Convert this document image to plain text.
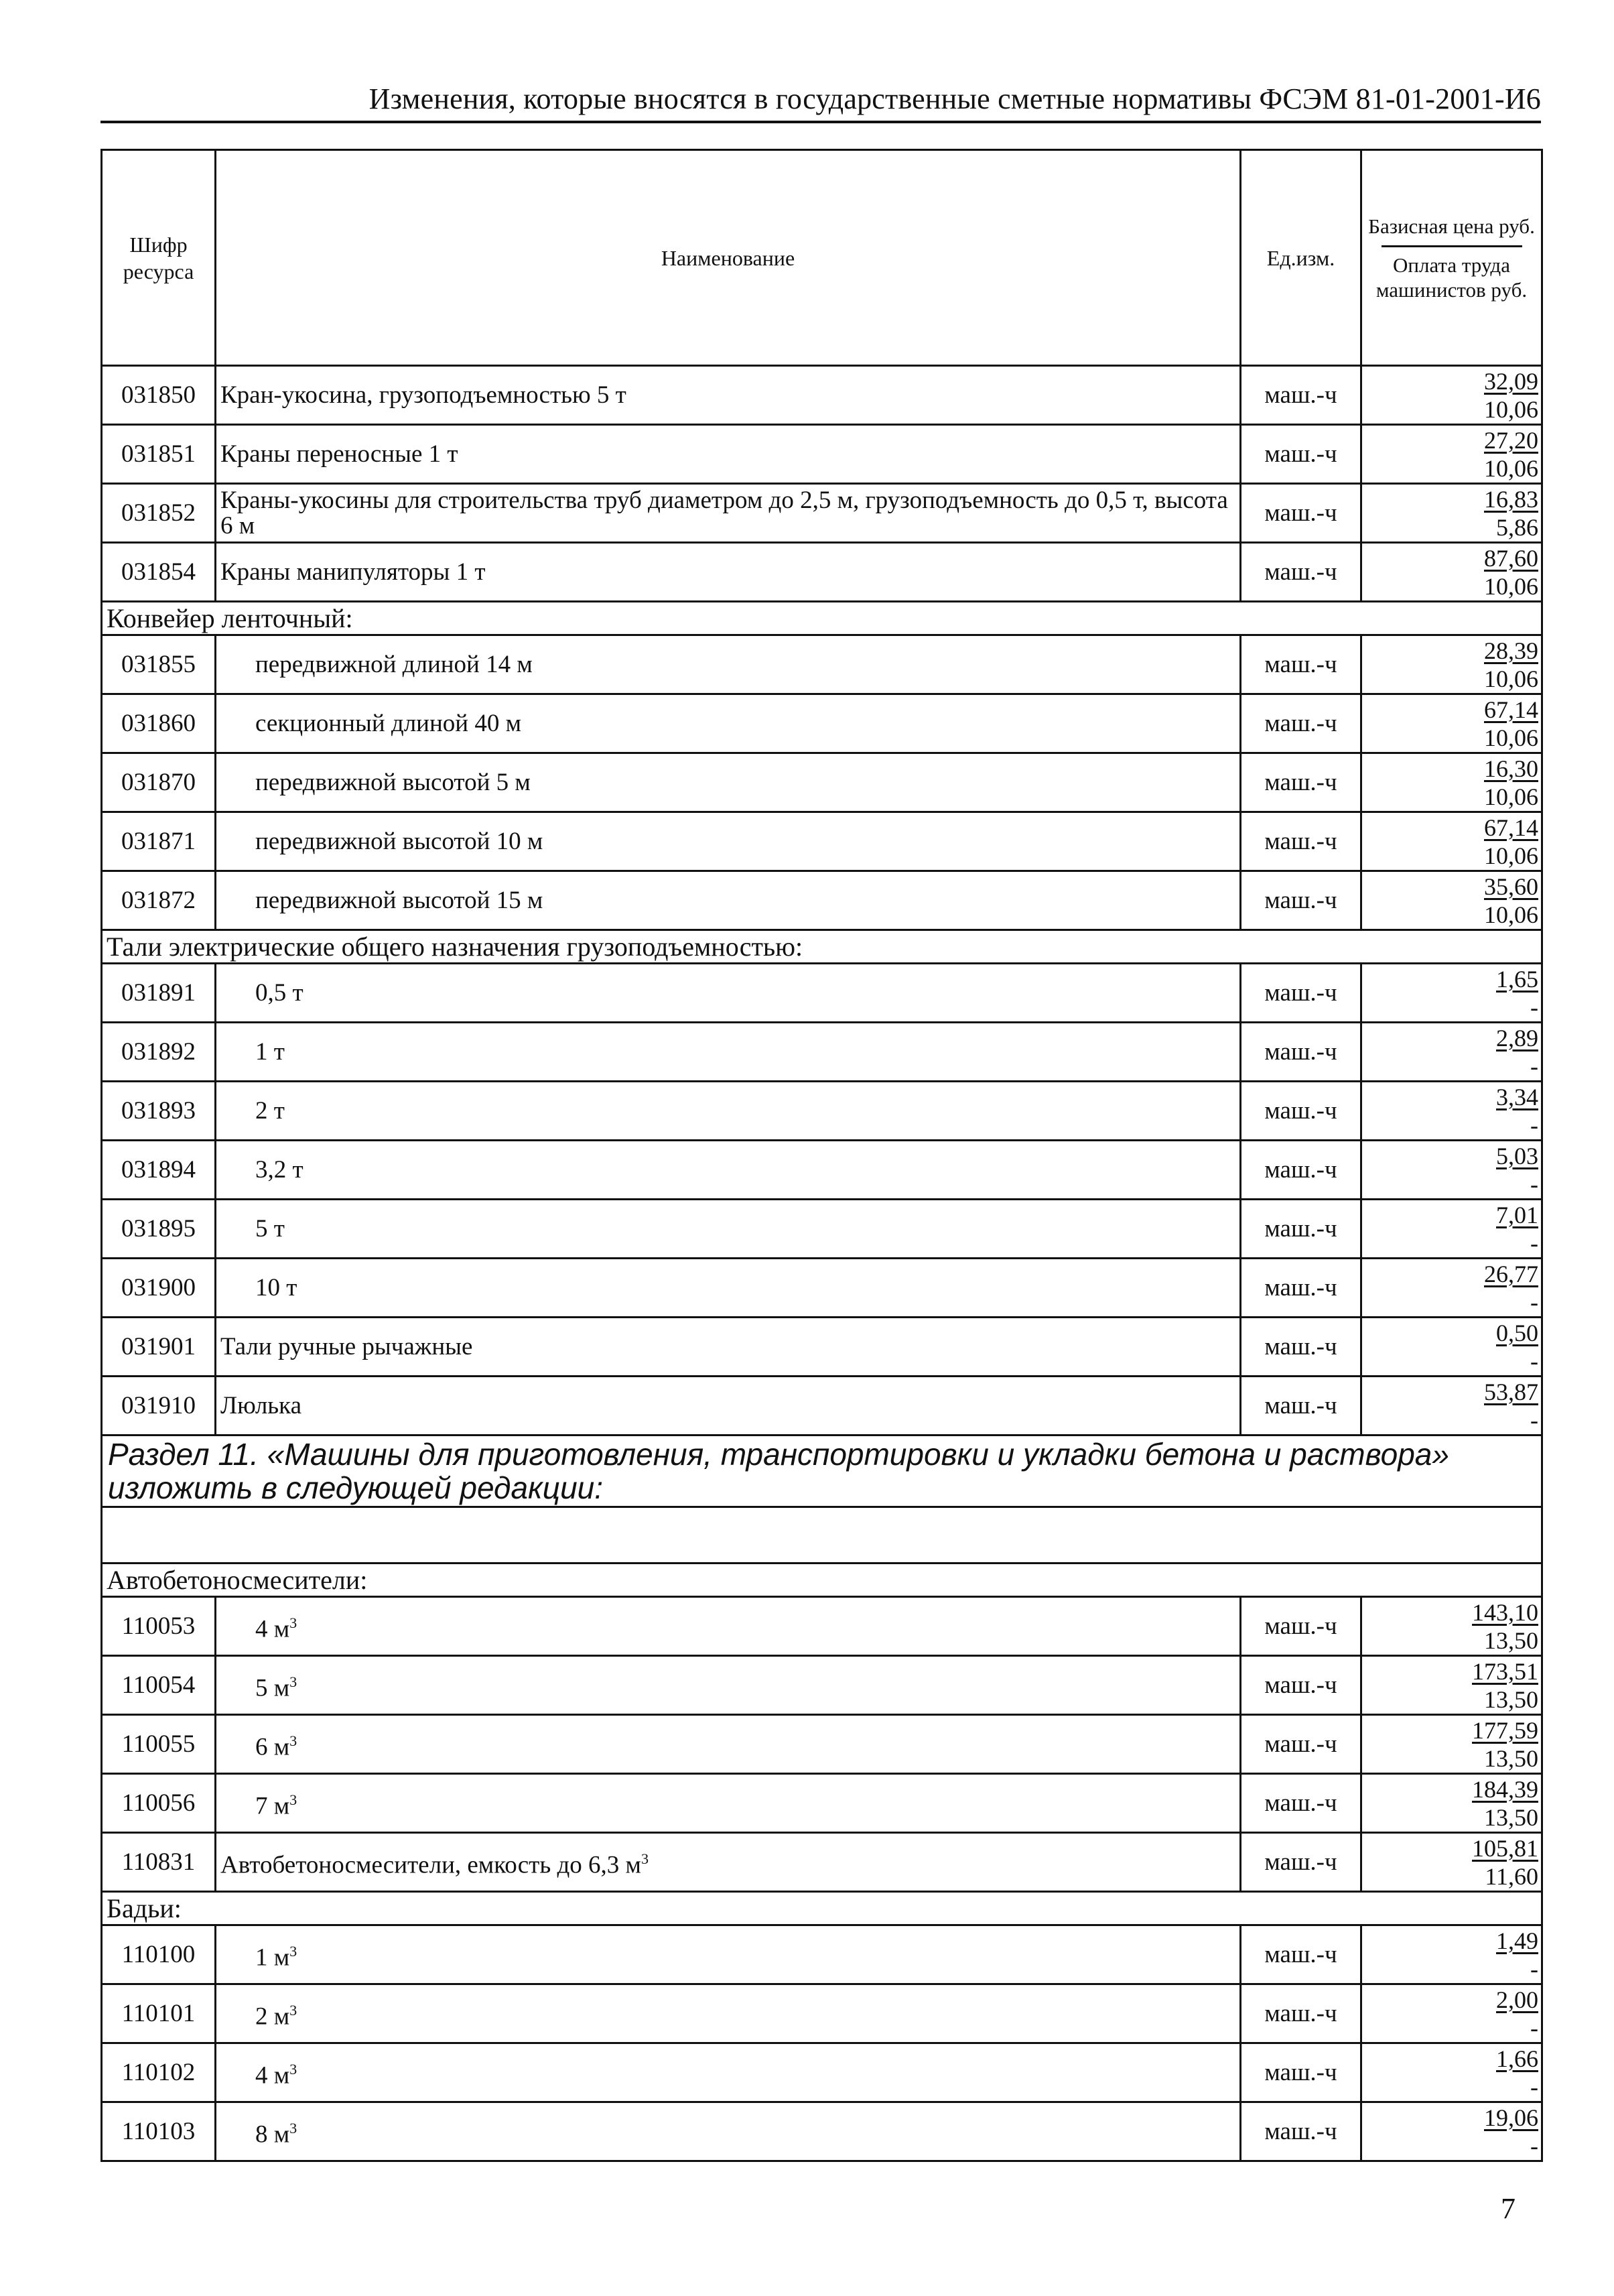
Изменения, которые вносятся в государственные сметные нормативы ФСЭМ 81-01-2001-И6
Шифр ресурса	Наименование	Ед.изм.	Базисная цена руб.
Оплата труда машинистов руб.

031850	Кран-укосина, грузоподъемностью 5 т	маш.-ч	32,09
10,06

031851	Краны переносные 1 т	маш.-ч	27,20
10,06

031852	Краны-укосины для строительства труб диаметром до 2,5 м, грузоподъемность до 0,5 т, высота 6 м	маш.-ч	16,83
5,86

031854	Краны манипуляторы 1 т	маш.-ч	87,60
10,06

Конвейер ленточный:			
031855	передвижной длиной 14 м	маш.-ч	28,39
10,06

031860	секционный длиной 40 м	маш.-ч	67,14
10,06

031870	передвижной высотой 5 м	маш.-ч	16,30
10,06

031871	передвижной высотой 10 м	маш.-ч	67,14
10,06

031872	передвижной высотой 15 м	маш.-ч	35,60
10,06

Тали электрические общего назначения грузоподъемностью:			
031891	0,5 т	маш.-ч	1,65
-

031892	1 т	маш.-ч	2,89
-

031893	2 т	маш.-ч	3,34
-

031894	3,2 т	маш.-ч	5,03
-

031895	5 т	маш.-ч	7,01
-

031900	10 т	маш.-ч	26,77
-

031901	Тали ручные рычажные	маш.-ч	0,50
-

031910	Люлька	маш.-ч	53,87
-

Раздел 11. «Машины для приготовления, транспортировки и укладки бетона и раствора»
изложить в следующей редакции:			

Автобетоносмесители:			
110053	4 $м^3$	маш.-ч	143,10
13,50

110054	5 $м^3$	маш.-ч	173,51
13,50

110055	6 $м^3$	маш.-ч	177,59
13,50

110056	7 $м^3$	маш.-ч	184,39
13,50

110831	Автобетоносмесители, емкость до 6,3 $м^3$	маш.-ч	105,81
11,60

Бадьи:			
110100	1 $м^3$	маш.-ч	1,49
-

110101	2 $м^3$	маш.-ч	2,00
-

110102	4 $м^3$	маш.-ч	1,66
-

110103	8 $м^3$	маш.-ч	19,06
-
7
